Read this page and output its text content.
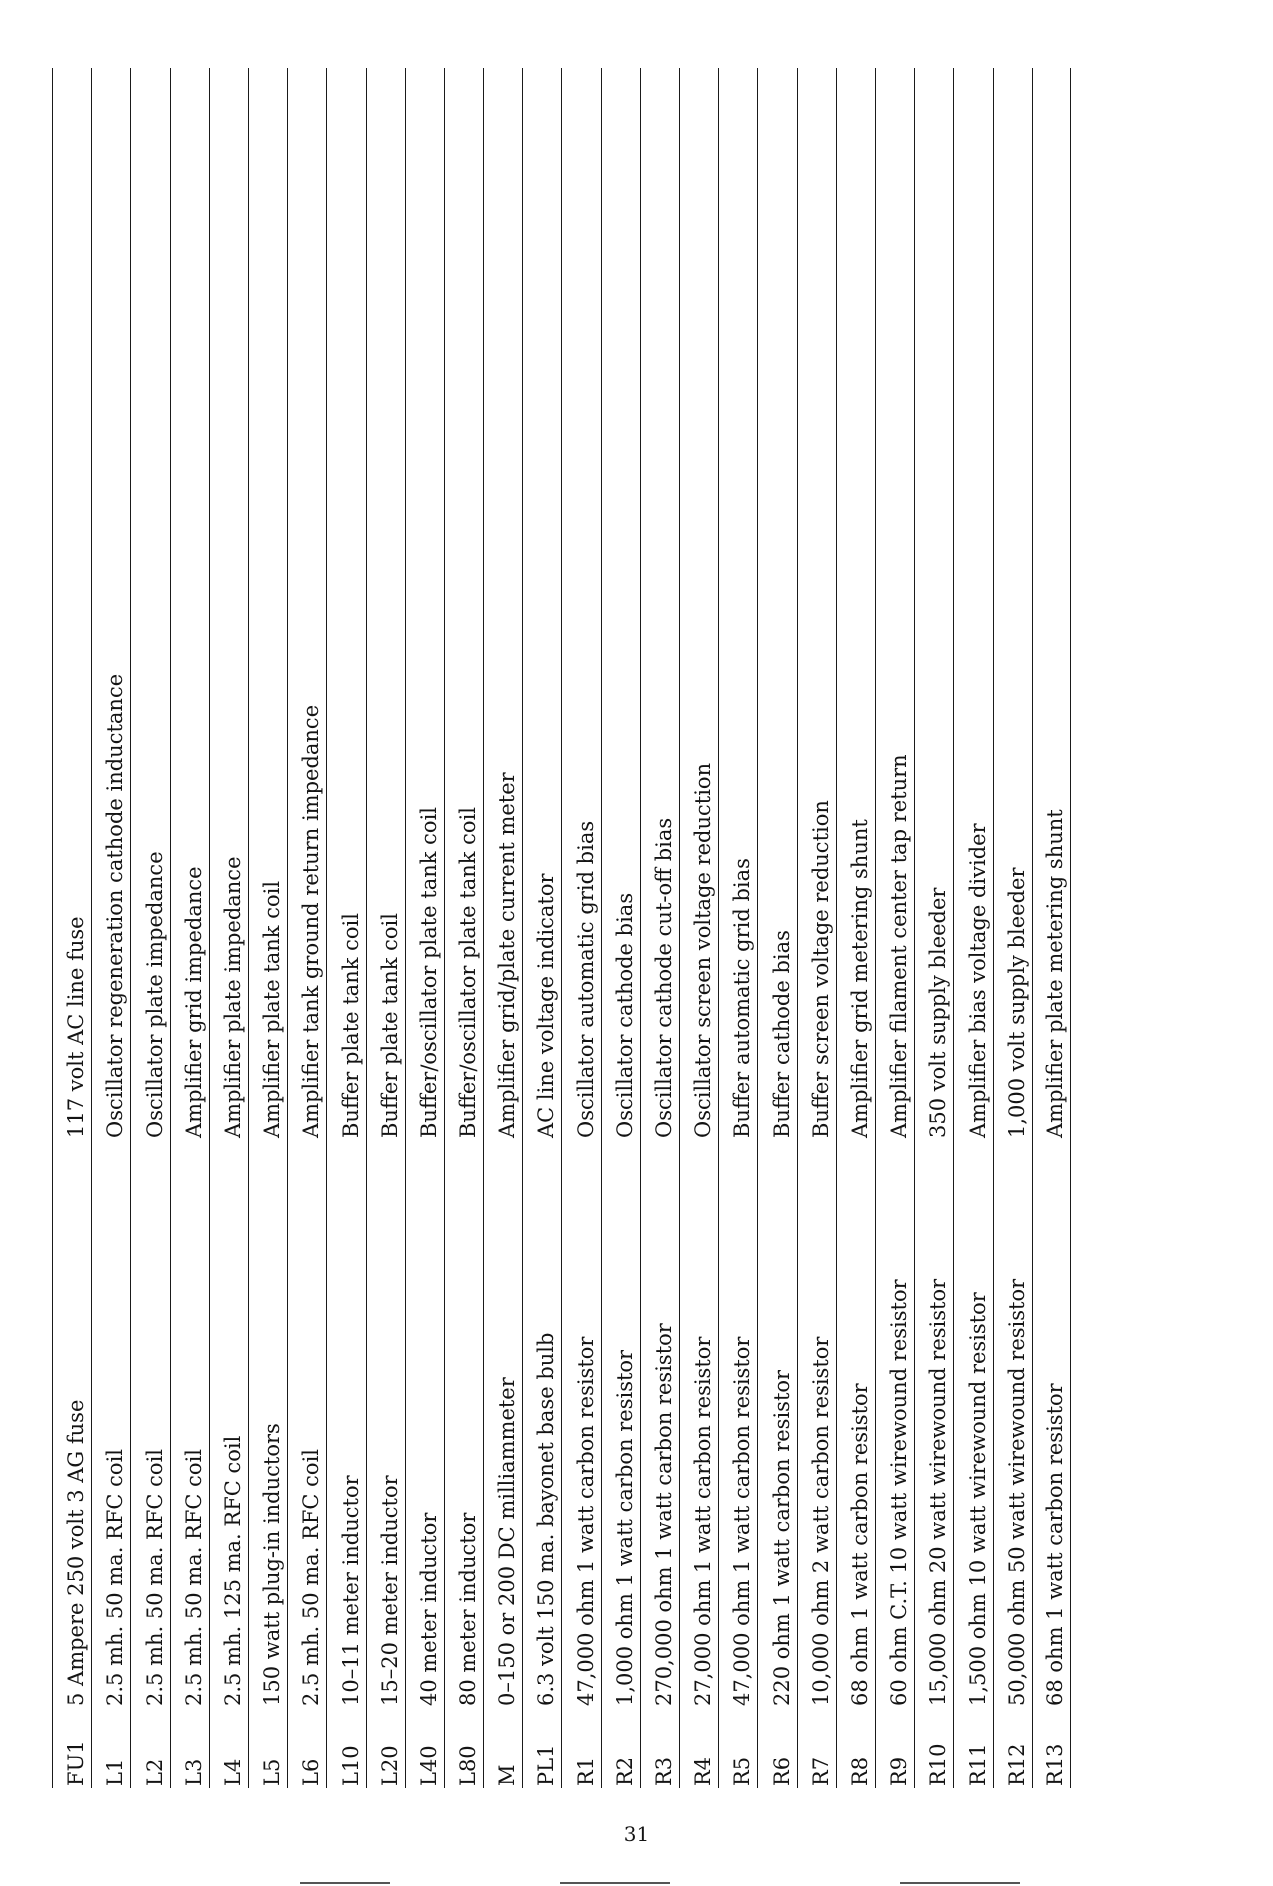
FU1
5 Ampere 250 volt 3 AG fuse
117 volt AC line fuse
L1
2.5 mh. 50 ma. RFC coil
Oscillator regeneration cathode inductance
L2
2.5 mh. 50 ma. RFC coil
Oscillator plate impedance
L3
2.5 mh. 50 ma. RFC coil
Amplifier grid impedance
L4
2.5 mh. 125 ma. RFC coil
Amplifier plate impedance
L5
150 watt plug-in inductors
Amplifier plate tank coil
L6
2.5 mh. 50 ma. RFC coil
Amplifier tank ground return impedance
L10
10–11 meter inductor
Buffer plate tank coil
L20
15–20 meter inductor
Buffer plate tank coil
L40
40 meter inductor
Buffer/oscillator plate tank coil
L80
80 meter inductor
Buffer/oscillator plate tank coil
M
0–150 or 200 DC milliammeter
Amplifier grid/plate current meter
PL1
6.3 volt 150 ma. bayonet base bulb
AC line voltage indicator
R1
47,000 ohm 1 watt carbon resistor
Oscillator automatic grid bias
R2
1,000 ohm 1 watt carbon resistor
Oscillator cathode bias
R3
270,000 ohm 1 watt carbon resistor
Oscillator cathode cut-off bias
R4
27,000 ohm 1 watt carbon resistor
Oscillator screen voltage reduction
R5
47,000 ohm 1 watt carbon resistor
Buffer automatic grid bias
R6
220 ohm 1 watt carbon resistor
Buffer cathode bias
R7
10,000 ohm 2 watt carbon resistor
Buffer screen voltage reduction
R8
68 ohm 1 watt carbon resistor
Amplifier grid metering shunt
R9
60 ohm C.T. 10 watt wirewound resistor
Amplifier filament center tap return
R10
15,000 ohm 20 watt wirewound resistor
350 volt supply bleeder
R11
1,500 ohm 10 watt wirewound resistor
Amplifier bias voltage divider
R12
50,000 ohm 50 watt wirewound resistor
1,000 volt supply bleeder
R13
68 ohm 1 watt carbon resistor
Amplifier plate metering shunt
31
